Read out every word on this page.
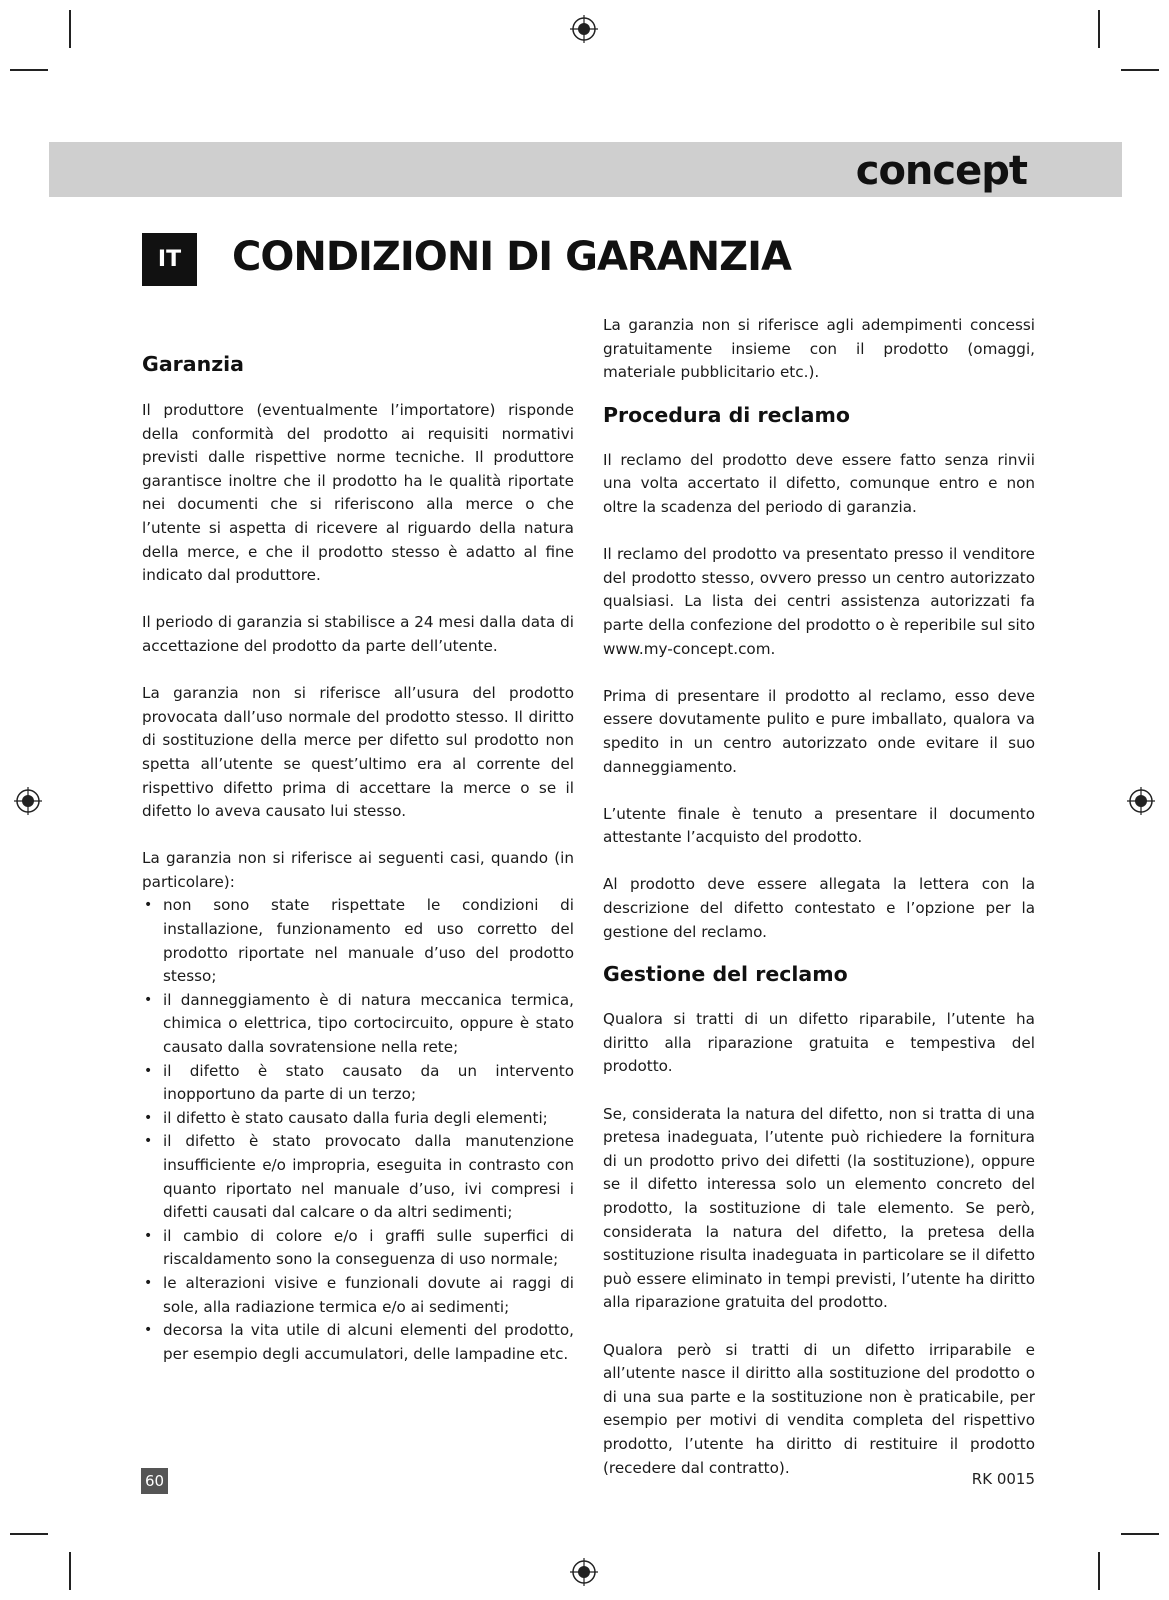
concept
IT	CONDIZIONI DI GARANZIA
Garanzia

Il produttore (eventualmente l’importatore) risponde della conformità del prodotto ai requisiti normativi previsti dalle rispettive norme tecniche. Il produttore garantisce inoltre che il prodotto ha le qualità riportate nei documenti che si riferiscono alla merce o che l’utente si aspetta di ricevere al riguardo della natura della merce, e che il prodotto stesso è adatto al fine indicato dal produttore.

Il periodo di garanzia si stabilisce a 24 mesi dalla data di accettazione del prodotto da parte dell’utente.

La garanzia non si riferisce all’usura del prodotto provocata dall’uso normale del prodotto stesso. Il diritto di sostituzione della merce per difetto sul prodotto non spetta all’utente se quest’ultimo era al corrente del rispettivo difetto prima di accettare la merce o se il difetto lo aveva causato lui stesso.

La garanzia non si riferisce ai seguenti casi, quando (in particolare):

• non sono state rispettate le condizioni di installazione, funzionamento ed uso corretto del prodotto riportate nel manuale d’uso del prodotto stesso;
• il danneggiamento è di natura meccanica termica, chimica o elettrica, tipo cortocircuito, oppure è stato causato dalla sovratensione nella rete;
• il difetto è stato causato da un intervento inopportuno da parte di un terzo;
• il difetto è stato causato dalla furia degli elementi;
• il difetto è stato provocato dalla manutenzione insufficiente e/o impropria, eseguita in contrasto con quanto riportato nel manuale d’uso, ivi compresi i difetti causati dal calcare o da altri sedimenti;
• il cambio di colore e/o i graffi sulle superfici di riscaldamento sono la conseguenza di uso normale;
• le alterazioni visive e funzionali dovute ai raggi di sole, alla radiazione termica e/o ai sedimenti;
• decorsa la vita utile di alcuni elementi del prodotto, per esempio degli accumulatori, delle lampadine etc.

La garanzia non si riferisce agli adempimenti concessi gratuitamente insieme con il prodotto (omaggi, materiale pubblicitario etc.).

Procedura di reclamo

Il reclamo del prodotto deve essere fatto senza rinvii una volta accertato il difetto, comunque entro e non oltre la scadenza del periodo di garanzia.

Il reclamo del prodotto va presentato presso il venditore del prodotto stesso, ovvero presso un centro autorizzato qualsiasi. La lista dei centri assistenza autorizzati fa parte della confezione del prodotto o è reperibile sul sito www.my-concept.com.

Prima di presentare il prodotto al reclamo, esso deve essere dovutamente pulito e pure imballato, qualora va spedito in un centro autorizzato onde evitare il suo danneggiamento.

L’utente finale è tenuto a presentare il documento attestante l’acquisto del prodotto.

Al prodotto deve essere allegata la lettera con la descrizione del difetto contestato e l’opzione per la gestione del reclamo.

Gestione del reclamo

Qualora si tratti di un difetto riparabile, l’utente ha diritto alla riparazione gratuita e tempestiva del prodotto.

Se, considerata la natura del difetto, non si tratta di una pretesa inadeguata, l’utente può richiedere la fornitura di un prodotto privo dei difetti (la sostituzione), oppure se il difetto interessa solo un elemento concreto del prodotto, la sostituzione di tale elemento. Se però, considerata la natura del difetto, la pretesa della sostituzione risulta inadeguata in particolare se il difetto può essere eliminato in tempi previsti, l’utente ha diritto alla riparazione gratuita del prodotto.

Qualora però si tratti di un difetto irriparabile e all’utente nasce il diritto alla sostituzione del prodotto o di una sua parte e la sostituzione non è praticabile, per esempio per motivi di vendita completa del rispettivo prodotto, l’utente ha diritto di restituire il prodotto (recedere dal contratto).

60	RK 0015
